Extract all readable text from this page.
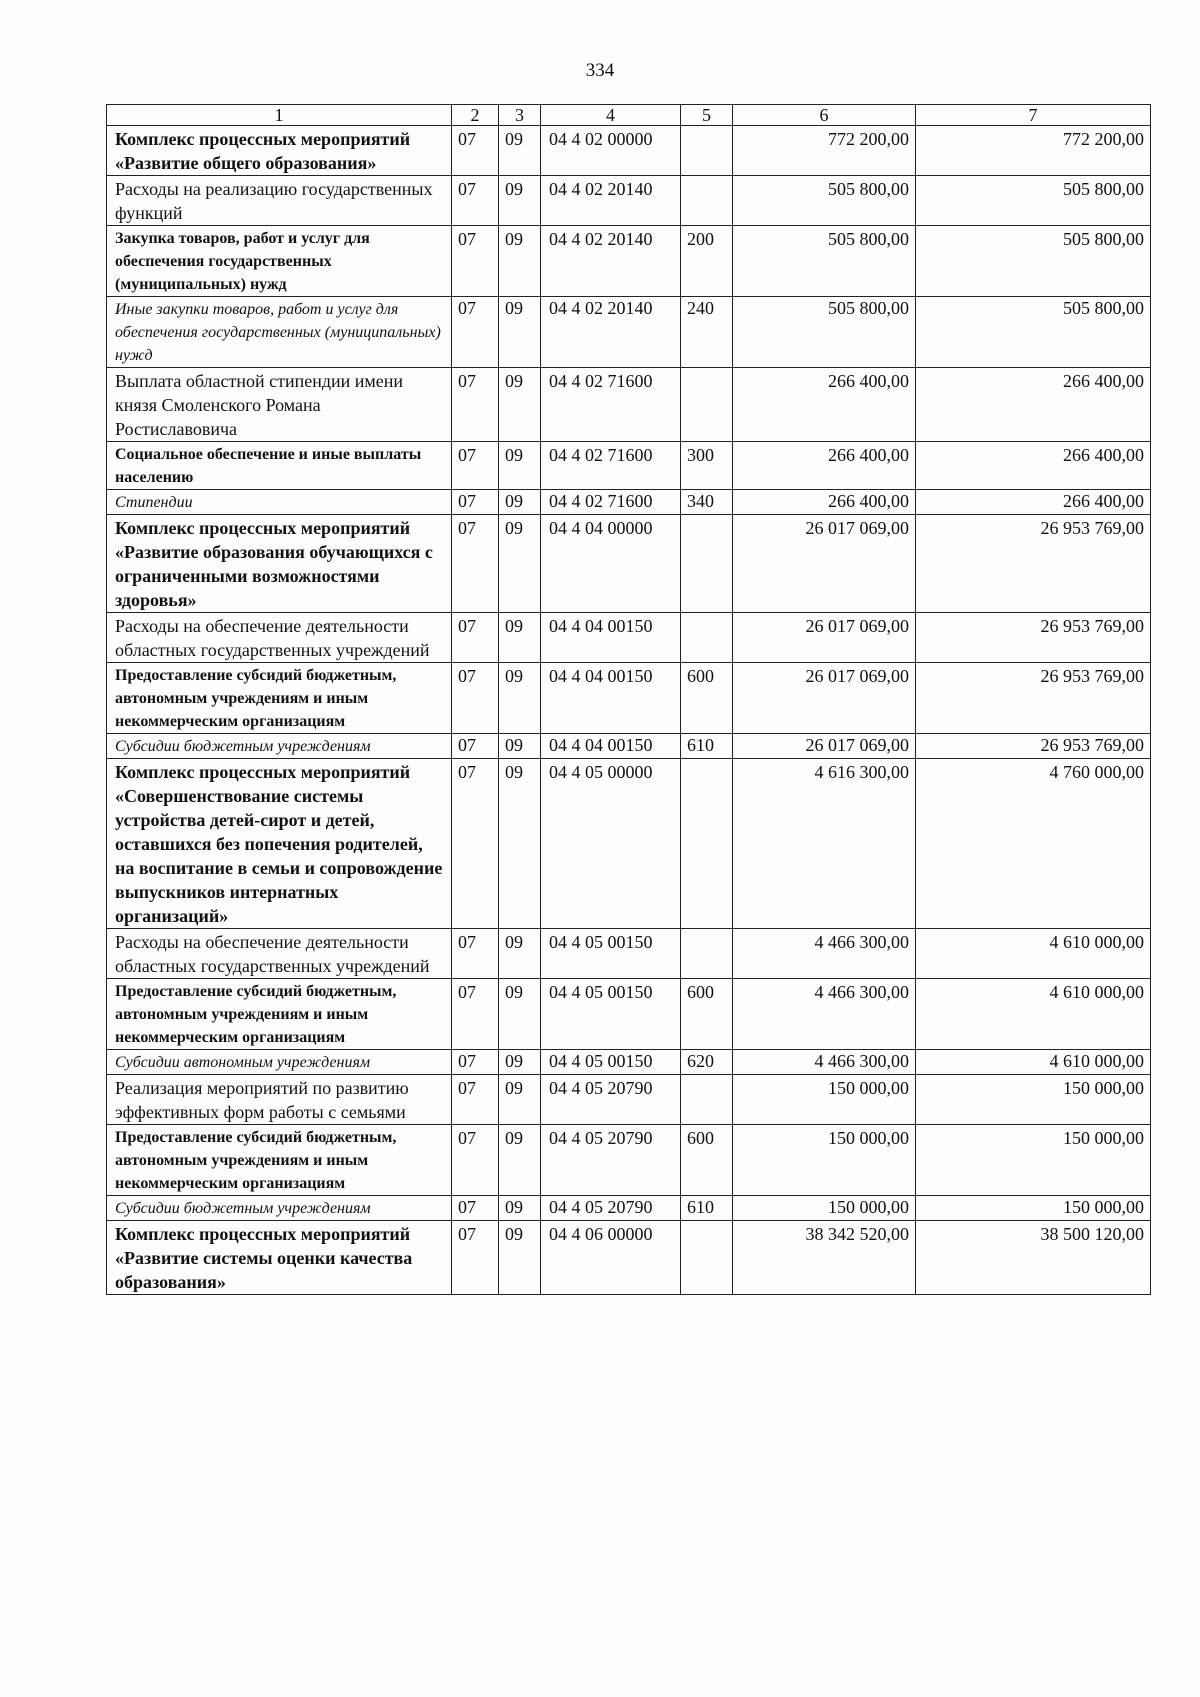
334
1	2	3	4	5	6	7
Комплекс процессных мероприятий «Развитие общего образования»	07	09	04 4 02 00000		772 200,00	772 200,00
Расходы на реализацию государственных функций	07	09	04 4 02 20140		505 800,00	505 800,00
Закупка товаров, работ и услуг для обеспечения государственных (муниципальных) нужд	07	09	04 4 02 20140	200	505 800,00	505 800,00
Иные закупки товаров, работ и услуг для обеспечения государственных (муниципальных) нужд	07	09	04 4 02 20140	240	505 800,00	505 800,00
Выплата областной стипендии имени князя Смоленского Романа Ростиславовича	07	09	04 4 02 71600		266 400,00	266 400,00
Социальное обеспечение и иные выплаты населению	07	09	04 4 02 71600	300	266 400,00	266 400,00
Стипендии	07	09	04 4 02 71600	340	266 400,00	266 400,00
Комплекс процессных мероприятий «Развитие образования обучающихся с ограниченными возможностями здоровья»	07	09	04 4 04 00000		26 017 069,00	26 953 769,00
Расходы на обеспечение деятельности областных государственных учреждений	07	09	04 4 04 00150		26 017 069,00	26 953 769,00
Предоставление субсидий бюджетным, автономным учреждениям и иным некоммерческим организациям	07	09	04 4 04 00150	600	26 017 069,00	26 953 769,00
Субсидии бюджетным учреждениям	07	09	04 4 04 00150	610	26 017 069,00	26 953 769,00
Комплекс процессных мероприятий «Совершенствование системы устройства детей-сирот и детей, оставшихся без попечения родителей, на воспитание в семьи и сопровождение выпускников интернатных организаций»	07	09	04 4 05 00000		4 616 300,00	4 760 000,00
Расходы на обеспечение деятельности областных государственных учреждений	07	09	04 4 05 00150		4 466 300,00	4 610 000,00
Предоставление субсидий бюджетным, автономным учреждениям и иным некоммерческим организациям	07	09	04 4 05 00150	600	4 466 300,00	4 610 000,00
Субсидии автономным учреждениям	07	09	04 4 05 00150	620	4 466 300,00	4 610 000,00
Реализация мероприятий по развитию эффективных форм работы с семьями	07	09	04 4 05 20790		150 000,00	150 000,00
Предоставление субсидий бюджетным, автономным учреждениям и иным некоммерческим организациям	07	09	04 4 05 20790	600	150 000,00	150 000,00
Субсидии бюджетным учреждениям	07	09	04 4 05 20790	610	150 000,00	150 000,00
Комплекс процессных мероприятий «Развитие системы оценки качества образования»	07	09	04 4 06 00000		38 342 520,00	38 500 120,00
